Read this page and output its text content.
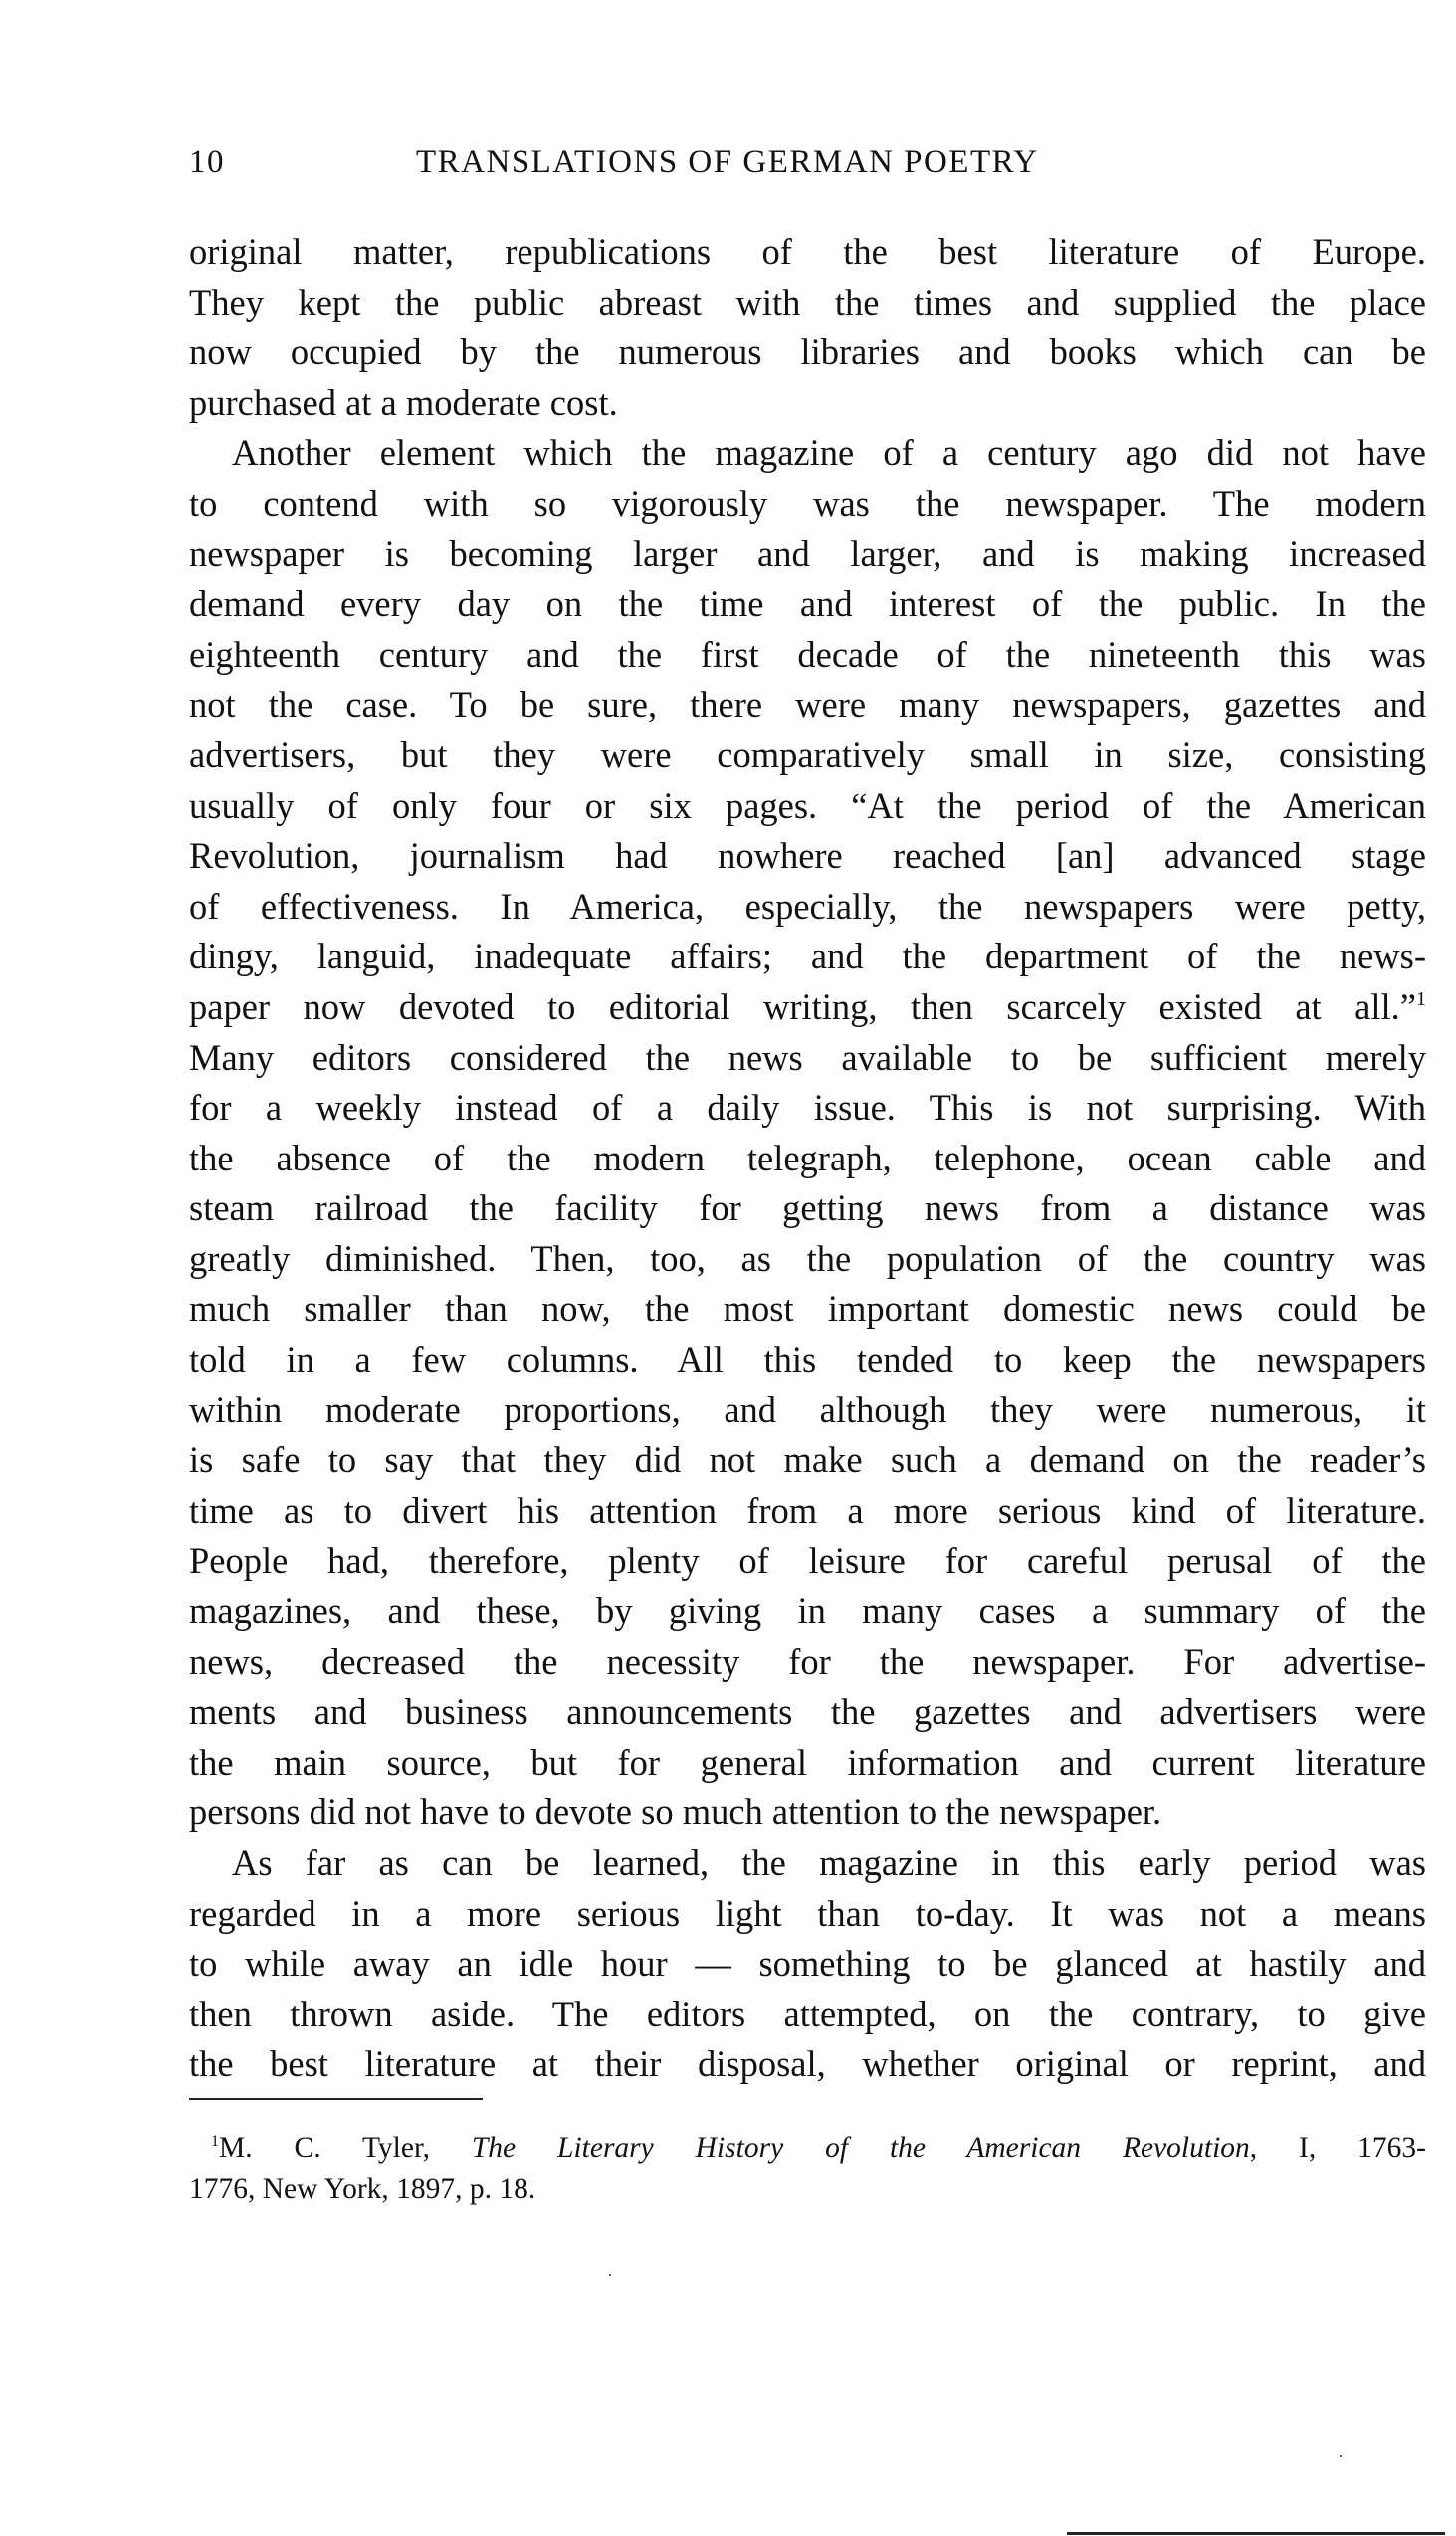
10	TRANSLATIONS OF GERMAN POETRY
original matter, republications of the best literature of Europe.
They kept the public abreast with the times and supplied the place
now occupied by the numerous libraries and books which can be
purchased at a moderate cost.
Another element which the magazine of a century ago did not have
to contend with so vigorously was the newspaper. The modern
newspaper is becoming larger and larger, and is making increased
demand every day on the time and interest of the public. In the
eighteenth century and the first decade of the nineteenth this was
not the case. To be sure, there were many newspapers, gazettes and
advertisers, but they were comparatively small in size, consisting
usually of only four or six pages. “At the period of the American
Revolution, journalism had nowhere reached [an] advanced stage
of effectiveness. In America, especially, the newspapers were petty,
dingy, languid, inadequate affairs; and the department of the news-
paper now devoted to editorial writing, then scarcely existed at all.”$^1$
Many editors considered the news available to be sufficient merely
for a weekly instead of a daily issue. This is not surprising. With
the absence of the modern telegraph, telephone, ocean cable and
steam railroad the facility for getting news from a distance was
greatly diminished. Then, too, as the population of the country was
much smaller than now, the most important domestic news could be
told in a few columns. All this tended to keep the newspapers
within moderate proportions, and although they were numerous, it
is safe to say that they did not make such a demand on the reader’s
time as to divert his attention from a more serious kind of literature.
People had, therefore, plenty of leisure for careful perusal of the
magazines, and these, by giving in many cases a summary of the
news, decreased the necessity for the newspaper. For advertise-
ments and business announcements the gazettes and advertisers were
the main source, but for general information and current literature
persons did not have to devote so much attention to the newspaper.
As far as can be learned, the magazine in this early period was
regarded in a more serious light than to-day. It was not a means
to while away an idle hour — something to be glanced at hastily and
then thrown aside. The editors attempted, on the contrary, to give
the best literature at their disposal, whether original or reprint, and
$^1$M. C. Tyler, The Literary History of the American Revolution, I, 1763-
1776, New York, 1897, p. 18.
